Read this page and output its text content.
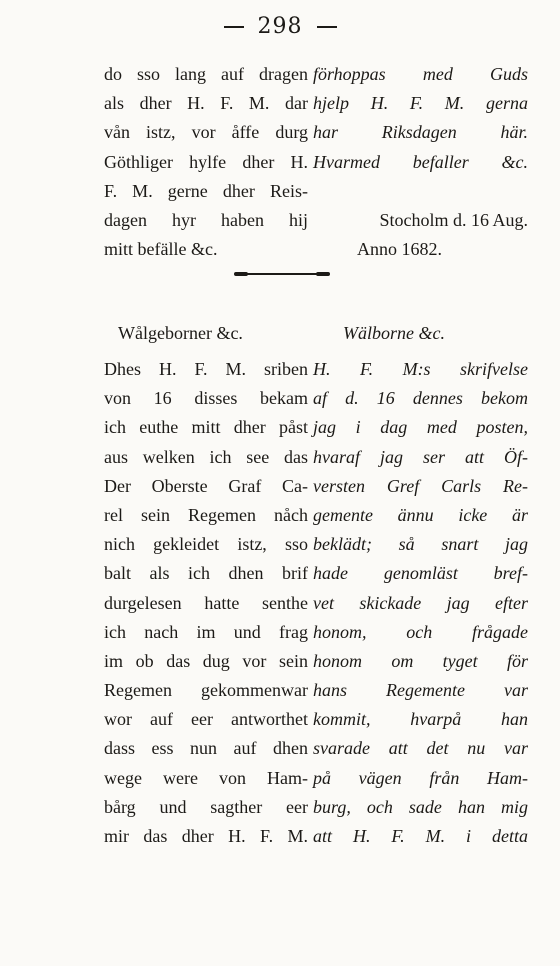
298
do sso lang auf dragen
als dher H. F. M. dar
vån istz, vor åffe durg
Göthliger hylfe dher H.
F. M. gerne dher Reis-
dagen hyr haben hij
mitt befälle &c.
förhoppas med Guds
hjelp H. F. M. gerna
har Riksdagen här.
Hvarmed befaller &c.
Stocholm d. 16 Aug.
Anno 1682.
Wålgeborner &c.	Wälborne &c.
Dhes H. F. M. sriben
von 16 disses bekam
ich euthe mitt dher påst
aus welken ich see das
Der Oberste Graf Ca-
rel sein Regemen nåch
nich gekleidet istz, sso
balt als ich dhen brif
durgelesen hatte senthe
ich nach im und frag
im ob das dug vor sein
Regemen gekommenwar
wor auf eer antworthet
dass ess nun auf dhen
wege were von Ham-
bårg und sagther eer
mir das dher H. F. M.
H. F. M:s skrifvelse
af d. 16 dennes bekom
jag i dag med posten,
hvaraf jag ser att Öf-
versten Gref Carls Re-
gemente ännu icke är
beklädt; så snart jag
hade genomläst bref-
vet skickade jag efter
honom, och frågade
honom om tyget för
hans Regemente var
kommit, hvarpå han
svarade att det nu var
på vägen från Ham-
burg, och sade han mig
att H. F. M. i detta
